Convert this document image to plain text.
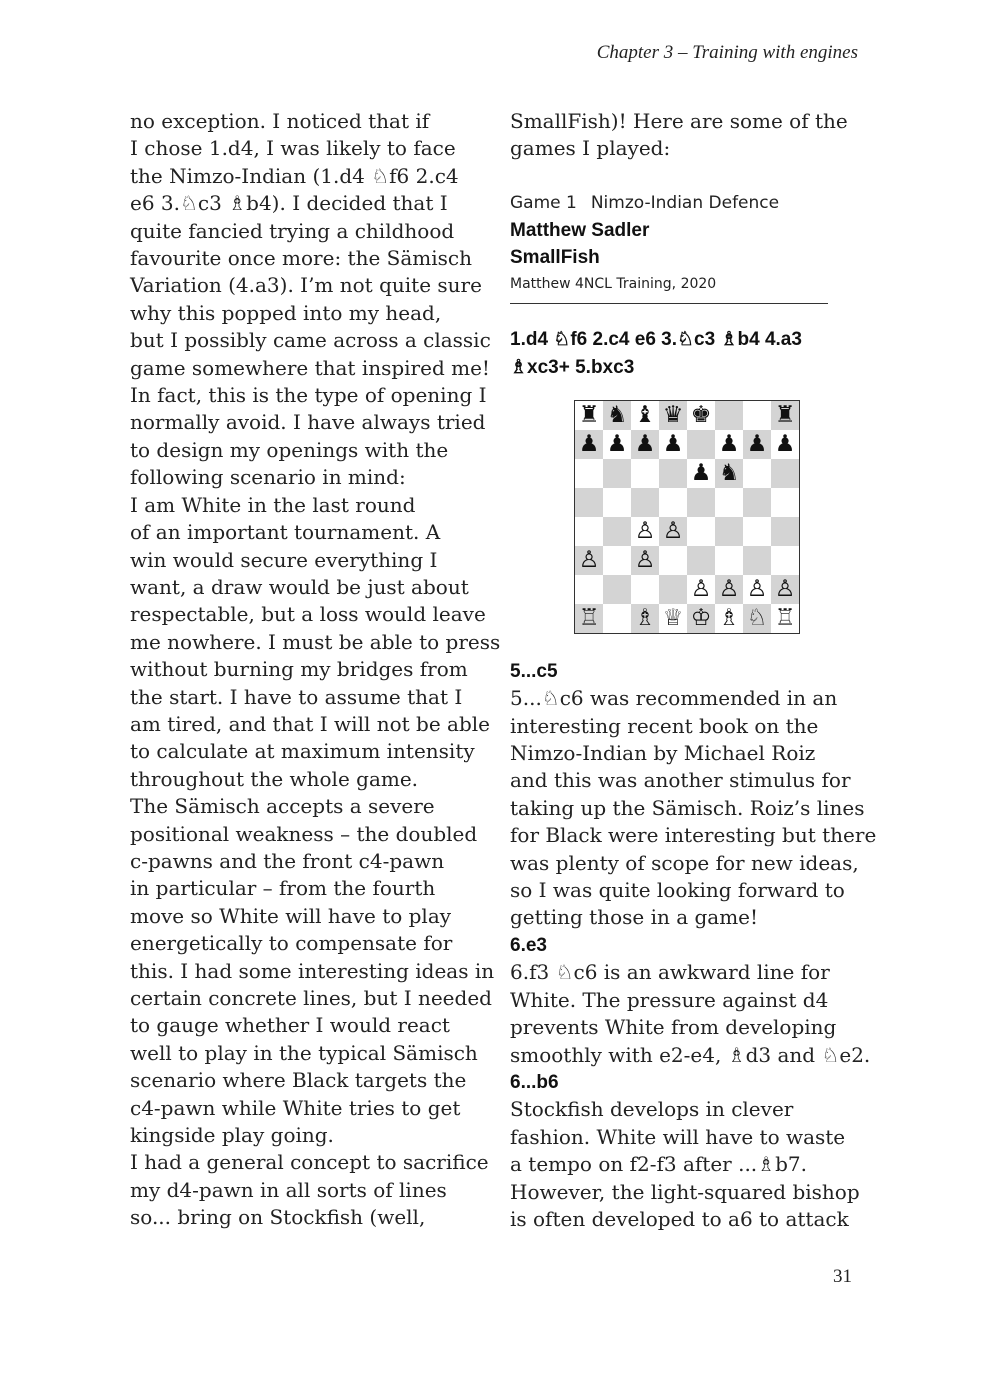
Chapter 3 – Training with engines
no exception. I noticed that if
I chose 1.d4, I was likely to face
the Nimzo-Indian (1.d4 ♘f6 2.c4
e6 3.♘c3 ♗b4). I decided that I
quite fancied trying a childhood
favourite once more: the Sämisch
Variation (4.a3). I’m not quite sure
why this popped into my head,
but I possibly came across a classic
game somewhere that inspired me!
In fact, this is the type of opening I
normally avoid. I have always tried
to design my openings with the
following scenario in mind:
I am White in the last round
of an important tournament. A
win would secure everything I
want, a draw would be just about
respectable, but a loss would leave
me nowhere. I must be able to press
without burning my bridges from
the start. I have to assume that I
am tired, and that I will not be able
to calculate at maximum intensity
throughout the whole game.
The Sämisch accepts a severe
positional weakness – the doubled
c-pawns and the front c4-pawn
in particular – from the fourth
move so White will have to play
energetically to compensate for
this. I had some interesting ideas in
certain concrete lines, but I needed
to gauge whether I would react
well to play in the typical Sämisch
scenario where Black targets the
c4-pawn while White tries to get
kingside play going.
I had a general concept to sacrifice
my d4-pawn in all sorts of lines
so... bring on Stockfish (well,
SmallFish)! Here are some of the
games I played:
Game 1 Nimzo-Indian Defence
Matthew Sadler
SmallFish
Matthew 4NCL Training, 2020
1.d4 ♘f6 2.c4 e6 3.♘c3 ♗b4 4.a3
♗xc3+ 5.bxc3
♜ ♞ ♝ ♛ ♚	♜
♟ ♟ ♟ ♟ ♟ ♟ ♟
♟ ♞
♙ ♙
♙ ♙
♙ ♙ ♙ ♙
♖ ♗ ♕ ♔ ♗ ♘ ♖
5...c5
5...♘c6 was recommended in an
interesting recent book on the
Nimzo-Indian by Michael Roiz
and this was another stimulus for
taking up the Sämisch. Roiz’s lines
for Black were interesting but there
was plenty of scope for new ideas,
so I was quite looking forward to
getting those in a game!
6.e3
6.f3 ♘c6 is an awkward line for
White. The pressure against d4
prevents White from developing
smoothly with e2-e4, ♗d3 and ♘e2.
6...b6
Stockfish develops in clever
fashion. White will have to waste
a tempo on f2-f3 after ...♗b7.
However, the light-squared bishop
is often developed to a6 to attack
31
